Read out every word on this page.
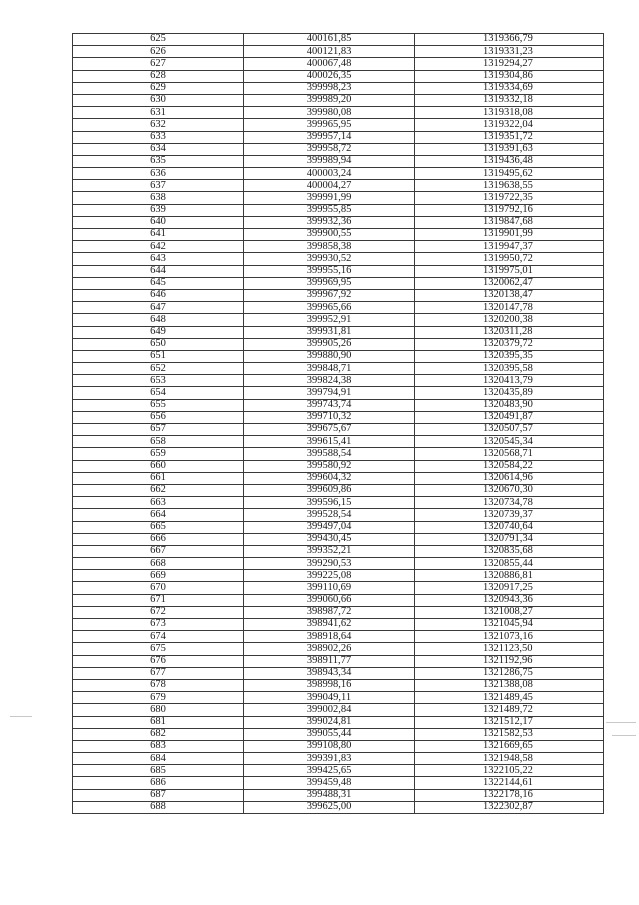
625	400161,85	1319366,79
626	400121,83	1319331,23
627	400067,48	1319294,27
628	400026,35	1319304,86
629	399998,23	1319334,69
630	399989,20	1319332,18
631	399980,08	1319318,08
632	399965,95	1319322,04
633	399957,14	1319351,72
634	399958,72	1319391,63
635	399989,94	1319436,48
636	400003,24	1319495,62
637	400004,27	1319638,55
638	399991,99	1319722,35
639	399955,85	1319792,16
640	399932,36	1319847,68
641	399900,55	1319901,99
642	399858,38	1319947,37
643	399930,52	1319950,72
644	399955,16	1319975,01
645	399969,95	1320062,47
646	399967,92	1320138,47
647	399965,66	1320147,78
648	399952,91	1320200,38
649	399931,81	1320311,28
650	399905,26	1320379,72
651	399880,90	1320395,35
652	399848,71	1320395,58
653	399824,38	1320413,79
654	399794,91	1320435,89
655	399743,74	1320483,90
656	399710,32	1320491,87
657	399675,67	1320507,57
658	399615,41	1320545,34
659	399588,54	1320568,71
660	399580,92	1320584,22
661	399604,32	1320614,96
662	399609,86	1320670,30
663	399596,15	1320734,78
664	399528,54	1320739,37
665	399497,04	1320740,64
666	399430,45	1320791,34
667	399352,21	1320835,68
668	399290,53	1320855,44
669	399225,08	1320886,81
670	399110,69	1320917,25
671	399060,66	1320943,36
672	398987,72	1321008,27
673	398941,62	1321045,94
674	398918,64	1321073,16
675	398902,26	1321123,50
676	398911,77	1321192,96
677	398943,34	1321286,75
678	398998,16	1321388,08
679	399049,11	1321489,45
680	399002,84	1321489,72
681	399024,81	1321512,17
682	399055,44	1321582,53
683	399108,80	1321669,65
684	399391,83	1321948,58
685	399425,65	1322105,22
686	399459,48	1322144,61
687	399488,31	1322178,16
688	399625,00	1322302,87
